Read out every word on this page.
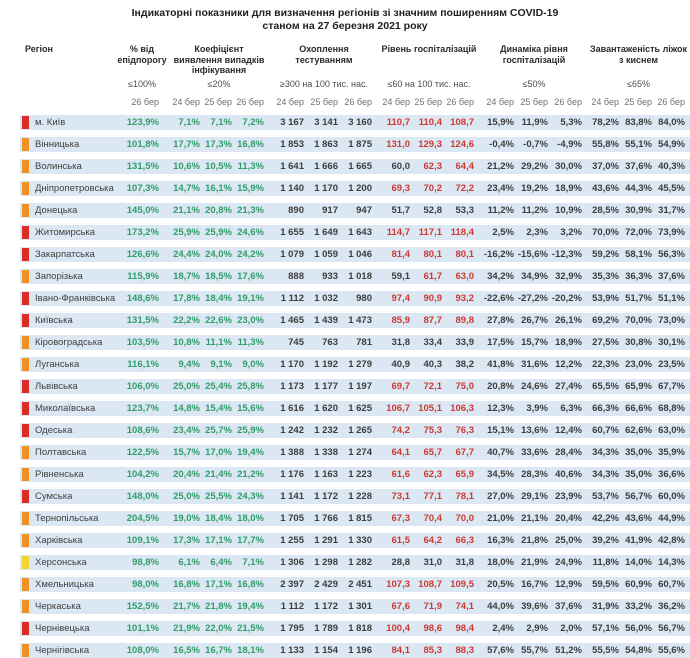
Індикаторні показники для визначення регіонів зі значним поширенням COVID-19
станом на 27 березня 2021 року
Регіон	% від епідпорогу
Коефіцієнт виявлення випадків інфікування
Охоплення тестуванням
Рівень госпіталізацій	Динаміка рівня госпіталізацій
Завантаженість ліжок з киснем
≤100%	≤20%	≥300 на 100 тис. нас.	≤60 на 100 тис. нас.	≤50%	≤65%
26 бер	24 бер 25 бер 26 бер	24 бер 25 бер 26 бер	24 бер 25 бер 26 бер	24 бер 25 бер 26 бер	24 бер 25 бер 26 бер
м. Київ	123,9%	7,1%	7,1%	7,2%	3 167	3 141	3 160	110,7 110,4 108,7	15,9% 11,9%	5,3%	78,2% 83,8% 84,0%
Вінницька	101,8%	17,7% 17,3% 16,8%	1 853	1 863	1 875	131,0 129,3 124,6	-0,4% -0,7% -4,9%	55,8% 55,1% 54,9%
Волинська	131,5%	10,6% 10,5% 11,3%	1 641	1 666	1 665	60,0	62,3	64,4	21,2% 29,2% 30,0%	37,0% 37,6% 40,3%
Дніпропетровська	107,3%	14,7% 16,1% 15,9%	1 140	1 170	1 200	69,3	70,2	72,2	23,4% 19,2% 18,9%	43,6% 44,3% 45,5%
Донецька	145,0%	21,1% 20,8% 21,3%	890	917	947	51,7	52,8	53,3	11,2% 11,2% 10,9%	28,5% 30,9% 31,7%
Житомирська	173,2%	25,9% 25,9% 24,6%	1 655	1 649	1 643	114,7 117,1 118,4	2,5%	2,3%	3,2%	70,0% 72,0% 73,9%
Закарпатська	126,6%	24,4% 24,0% 24,2%	1 079	1 059	1 046	81,4	80,1	80,1	-16,2% -15,6% -12,3%	59,2% 58,1% 56,3%
Запорізька	115,9%	18,7% 18,5% 17,6%	888	933	1 018	59,1	61,7	63,0	34,2% 34,9% 32,9%	35,3% 36,3% 37,6%
Івано-Франківська	148,6%	17,8% 18,4% 19,1%	1 112	1 032	980	97,4	90,9	93,2	-22,6% -27,2% -20,2%	53,9% 51,7% 51,1%
Київська	131,5%	22,2% 22,6% 23,0%	1 465	1 439	1 473	85,9	87,7	89,8	27,8% 26,7% 26,1%	69,2% 70,0% 73,0%
Кіровоградська	103,5%	10,8% 11,1% 11,3%	745	763	781	31,8	33,4	33,9	17,5% 15,7% 18,9%	27,5% 30,8% 30,1%
Луганська	116,1%	9,4%	9,1%	9,0%	1 170	1 192	1 279	40,9	40,3	38,2	41,8% 31,6% 12,2%	22,3% 23,0% 23,5%
Львівська	106,0%	25,0% 25,4% 25,8%	1 173	1 177	1 197	69,7	72,1	75,0	20,8% 24,6% 27,4%	65,5% 65,9% 67,7%
Миколаївська	123,7%	14,8% 15,4% 15,6%	1 616	1 620	1 625	106,7 105,1 106,3	12,3%	3,9%	6,3%	66,3% 66,6% 68,8%
Одеська	108,6%	23,4% 25,7% 25,9%	1 242	1 232	1 265	74,2	75,3	76,3	15,1% 13,6% 12,4%	60,7% 62,6% 63,0%
Полтавська	122,5%	15,7% 17,0% 19,4%	1 388	1 338	1 274	64,1	65,7	67,7	40,7% 33,6% 28,4%	34,3% 35,0% 35,9%
Рівненська	104,2%	20,4% 21,4% 21,2%	1 176	1 163	1 223	61,6	62,3	65,9	34,5% 28,3% 40,6%	34,3% 35,0% 36,6%
Сумська	148,0%	25,0% 25,5% 24,3%	1 141	1 172	1 228	73,1	77,1	78,1	27,0% 29,1% 23,9%	53,7% 56,7% 60,0%
Тернопільська	204,5%	19,0% 18,4% 18,0%	1 705	1 766	1 815	67,3	70,4	70,0	21,0% 21,1% 20,4%	42,2% 43,6% 44,9%
Харківська	109,1%	17,3% 17,1% 17,7%	1 255	1 291	1 330	61,5	64,2	66,3	16,3% 21,8% 25,0%	39,2% 41,9% 42,8%
Херсонська	98,8%	6,1%	6,4%	7,1%	1 306	1 298	1 282	28,8	31,0	31,8	18,0% 21,9% 24,9%	11,8% 14,0% 14,3%
Хмельницька	98,0%	16,8% 17,1% 16,8%	2 397	2 429	2 451	107,3 108,7 109,5	20,5% 16,7% 12,9%	59,5% 60,9% 60,7%
Черкаська	152,5%	21,7% 21,8% 19,4%	1 112	1 172	1 301	67,6	71,9	74,1	44,0% 39,6% 37,6%	31,9% 33,2% 36,2%
Чернівецька	101,1%	21,9% 22,0% 21,5%	1 795	1 789	1 818	100,4	98,6	98,4	2,4%	2,9%	2,0%	57,1% 56,0% 56,7%
Чернігівська	108,0%	16,5% 16,7% 18,1%	1 133	1 154	1 196	84,1	85,3	88,3	57,6% 55,7% 51,2%	55,5% 54,8% 55,6%
